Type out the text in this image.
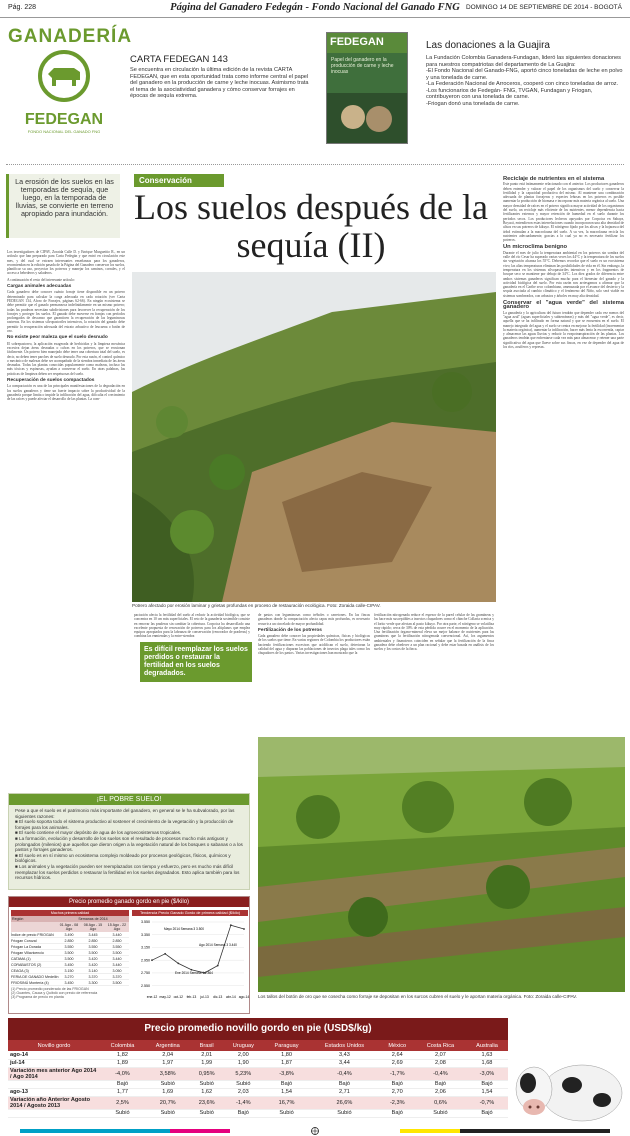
Pág. 228	Página del Ganadero Fedegán - Fondo Nacional del Ganado FNG DOMINGO 14 DE SEPTIEMBRE DE 2014 - BOGOTÁ
GANADERÍA
FEDEGAN
FONDO NACIONAL DEL GANADO FNG
CARTA FEDEGAN 143

Se encuentra en circulación la última edición de la revista CARTA FEDEGAN, que en esta oportunidad trata como informe central el papel del ganadero en la producción de carne y leche inocuas. Asimismo trata el tema de la asociatividad ganadera y cómo conservar forrajes en épocas de sequía extrema.

FEDEGAN
Papel del ganadero en la producción de carne y leche inocuas
Las donaciones a la Guajira

La Fundación Colombia Ganadera-Fundagan, lideró las siguientes donaciones para nuestros compatriotas del departamento de La Guajira:

-El Fondo Nacional del Ganado-FNG, aportó cinco toneladas de leche en polvo y una tonelada de carne.

-La Federación Nacional de Arroceros, cooperó con cinco toneladas de arroz.

-Los funcionarios de Fedegán- FNG, TVGAN, Fundagan y Friogan, contribuyeron con una tonelada de carne.

-Friogan donó una tonelada de carne.

La erosión de los suelos en las temporadas de sequía, que luego, en la temporada de lluvias, se convierte en terreno apropiado para inundación.

Los investigadores de CIPAV, Zoraida Calle D. y Enrique Murgueitio R., en un artículo que han preparado para Carta Fedegán y que entró en circulación este mes, y del cual se extraen interesantes enseñanzas para los ganaderos, recomiendan en la edición pasada de la Página del Ganadero conservar los suelos, planificar su uso, proyectar los potreros y manejar los caminos, corrales, y el acceso a bebederos y saladeros.

A continuación el resto del interesante artículo:

Cargas animales adecuadas

Cada ganadero debe conocer cuánto forraje tiene disponible en un potrero determinado para calcular la carga adecuada en cada rotación (ver Carta FEDEGAN 134, Aforo de Forrajes, páginas 62-66). En ningún ecosistema se debe permitir que el ganado permanezca indefinidamente en un mismo potrero; todas las praderas necesitan subdivisiones para favorecer la recuperación de los forrajes y proteger los suelos. El ganado debe moverse en franjas con períodos prolongados de descanso que garanticen la recuperación de las leguminosas rastreras. En los sistemas silvopastoriles intensivos, la rotación del ganado debe permitir la recuperación adecuada del estrato arbustivo de leucaena o botón de oro.

No existe peor maleza que el suelo desnudo

El sobrepastoreo, la aplicación exagerada de herbicidas y la limpieza mecánica excesiva dejan áreas desnudas o calvas en los potreros, que se erosionan fácilmente. Un potrero bien manejado debe tener una cobertura total del suelo, es decir, no deben tener parches de suelo desnudo. Por esta razón, el control químico o mecánico de malezas debe ser acompañado de la siembra inmediata de las áreas desnudas. Todas las plantas conocidas popularmente como malezas, incluso las más tóxicas y espinosas, ayudan a conservar el suelo. En otras palabras, las prácticas de limpieza deben ser respetuosas del suelo.

Recuperación de suelos compactados

La compactación es una de las principales manifestaciones de la degradación en los suelos ganaderos y tiene un fuerte impacto sobre la productividad de la ganadería porque limita o impide la infiltración del agua, dificulta el crecimiento de las raíces y puede afectar el desarrollo de las plantas. La com-

Conservación
Los suelos después de la sequía (II)
Potrero afectado por erosión laminar y grietas profundas en proceso de restauración ecológica. Foto: Zoraida calle-CIPAV.

pactación afecta la fertilidad del suelo al reducir la actividad biológica, que se concentra en 10 cm más superficiales. El reto de la ganadería sostenible consiste en renovar las praderas sin cambiar la cobertura. Corpoica ha desarrollado una excelente propuesta de renovación de potreros para los altiplanos que emplea equipos apropiados para la labranza de conservación (renovador de praderas) y combina las enmiendas y la entre-siembra

Es difícil reemplazar los suelos perdidos o restaurar la fertilidad en los suelos degradados.

de pastos con leguminosas como tréboles o carretones. En las fincas ganaderas donde la compactación afecta capas más profundas, es necesario recurrir a un cincelado de mayor profundidad.

Fertilización de los potreros

Cada ganadero debe conocer las propiedades químicas, físicas y biológicas de los suelos que tiene. En varias regiones de Colombia los productores están haciendo fertilizaciones excesivas que acidifican el suelo, deterioran la calidad del agua y disparan las poblaciones de insectos plaga tales como los chupadores de los pastos. Varias investigaciones han mostrado que la

fertilización nitrogenada reduce el espesor de la pared celular de las gramíneas y las hace más susceptibles a insectos chupadores como el chinche Collaria scenica y el lorito verde que afectan al pasto kikuyo. Por otra parte, el nitrógeno se volatiliza muy rápido; cerca de 30% de esta pérdida ocurre en el momento de la aplicación. Una fertilización órgano-mineral eleva un mejor balance de nutrientes para las gramíneas que la fertilización nitrogenada convencional. Así, los argumentos ambientales y financieros coinciden en señalar que la fertilización de la finca ganadera debe obedecer a un plan racional y debe estar basada en análisis de los suelos y los costos de la finca.

Reciclaje de nutrientes en el sistema

Este punto está íntimamente relacionado con el anterior. Los productores ganaderos deben entender y valorar el papel de los organismos del suelo y conservar la fertilidad y la capacidad productiva del mismo. Al mantener una combinación adecuada de plantas forrajeras y especies leñosas en los potreros es posible aumentar la producción de biomasa e incorporar más materia orgánica al suelo. Una mayor densidad de raíces en el potrero significa mayor actividad de los organismos del suelo, un reciclaje más eficiente de los nutrientes, menor dependencia hacia fertilizantes externos y mayor retención de humedad en el suelo durante los períodos secos. Los productores lecheros apoyados por Corpoica en Sabaya, Boyacá, entendieron estas interrelaciones cuando incorporaron una alta densidad de alisos en sus potreros de kikuyo. El nitrógeno fijado por los alisos y la hojarasca del árbol estimulan a la macrofauna del suelo. A su vez, la macrofauna recicla los nutrientes adecuadamente, gracias a lo cual ya no es necesario fertilizar los potreros.

Un microclima benigno

Durante el mes de julio la temperatura ambiental en los potreros sin sombra del valle del río Cesar ha superado varias veces los 44°C y la temperatura de los suelos sin vegetación alcanza los 55°C. Debemos recordar que el suelo es un ecosistema vivo; las altas temperaturas eliminan las posibilidades de vida en él. Sin embargo, la temperatura en los sistemas silvopastoriles intensivos y en los fragmentos de bosque seco se mantiene por debajo de 34°C. Los diez grados de diferencia entre ambos sistemas ganaderos significan mucho para el bienestar del ganado y la actividad biológica del suelo. Por esta razón nos arriesgamos a afirmar que la ganadería en el Caribe seco colombiano, amenazada por el avance del desierto y la sequía asociada al cambio climático y el fenómeno del Niño, solo será viable en sistemas sombreados, con arbustos y árboles en muy alta densidad.

Conservar el "agua verde" del sistema ganadero

La ganadería y la agricultura del futuro tendrán que depender cada vez menos del "agua azul" (aguas superficiales y subterráneas) y más del "agua verde", es decir, aquella que se ha infiltrado en forma natural y que se encuentra en el suelo. El manejo integrado del agua y el suelo se centra en mejorar la fertilidad (incrementar la materia orgánica), aumentar la infiltración, hacer más lenta la escorrentía, captar y almacenar las aguas lluvias y reducir la evapotranspiración de las plantas. Los ganaderos tendrán que enfrentarse cada vez más para almacenar y retener una parte significativa del agua que llueve sobre sus fincas, en vez de depender del agua de los ríos, acuíferos y represas.

¡EL POBRE SUELO!
Pese a que el suelo es el patrimonio más importante del ganadero, en general se le ha subvalorado, por las siguientes razones:
■ El suelo soporta todo el sistema productivo al sostener el crecimiento de la vegetación y la producción de forrajes para los animales.
■ El suelo contiene el mayor depósito de agua de los agroecosistemas tropicales.
■ La formación, evolución y desarrollo de los suelos son el resultado de procesos mucho más antiguos y prolongados (milenios) que aquellos que dieron origen a la vegetación natural de los bosques o sabanas o a los pastos y forrajes ganaderos.
■ El suelo es en sí mismo un ecosistema complejo moldeado por procesos geológicos, físicos, químicos y biológicos.
■ Los animales y la vegetación pueden ser reemplazados con tiempo y esfuerzo, pero es mucho más difícil reemplazar los suelos perdidos o restaurar la fertilidad en los suelos degradados. Esto aplica también para los recursos hídricos.
Precio promedio ganado gordo en pie ($/kilo)
Machos primera calidad
Región	Semanas de 2014
01 Ago - 08 Ago
08 Ago - 15 Ago
15 Ago - 22 Ago
Índice de precio FRIOGAN	3.490	3.445	3.440
Friogan Corozal	2.850	2.850	2.850
Friogan La Dorada	3.550	3.550	3.550
Friogan Villavicencio	3.500	3.500	3.500
CATAMA (1)	3.500	3.420	3.440
CORABASTOS (2)	3.450	3.420	3.440
CEAGA (3)	3.150	3.140	3.050
FERIA DE GANADO Medellín	3.270	3.370	3.370
FRIOSINÚ Montería (4)	3.450	3.300	3.500
(1) Precio promedio ponderado de las FRIOGAN
(2) Guantes, Cauca y Quibdó con precio de referencia
(3) Programa de precio en planta
Tendencia Precio Ganado Gordo de primera calidad ($/kilo)
3.550
3.350
3.150
2.950
2.750
2.550
ene-12 may-12 oct-12 feb-13 jul-13 dic-13 abr-14 ago-14
Mayo 2014 Semana 3 3.500
Ago 2014 Semana 3 3.440
Ene 2014 Semana 1 2.864
Los tallos del botón de oro que se cosecha como forraje se depositan en los surcos cubren el suelo y le aportan materia orgánica. Foto: Zoraida calle-CIPAV.
Precio promedio novillo gordo en pie (USD$/kg)
Novillo gordo	Colombia	Argentina	Brasil	Uruguay	Paraguay	Estados Unidos	México	Costa Rica	Australia
ago-14	1,82	2,04	2,01	2,00	1,80	3,43	2,64	2,07	1,63
jul-14	1,89	1,97	1,99	1,90	1,87	3,44	2,69	2,08	1,68
Variación mes anterior Ago 2014 / Ago 2014	-4,0%	3,58%	0,95%	5,23%	-3,8%	-0,4%	-1,7%	-0,4%	-3,0%
	Bajó	Subió	Subió	Subió	Bajó	Bajó	Bajó	Bajó	Bajó
ago-13	1,77	1,69	1,62	2,03	1,54	2,71	2,70	2,06	1,54
Variación año Anterior Agosto 2014 / Agosto 2013	2,5%	20,7%	23,6%	-1,4%	16,7%	26,6%	-2,3%	0,6%	-0,7%
	Subió	Subió	Subió	Bajó	Subió	Subió	Bajó	Subió	Bajó
